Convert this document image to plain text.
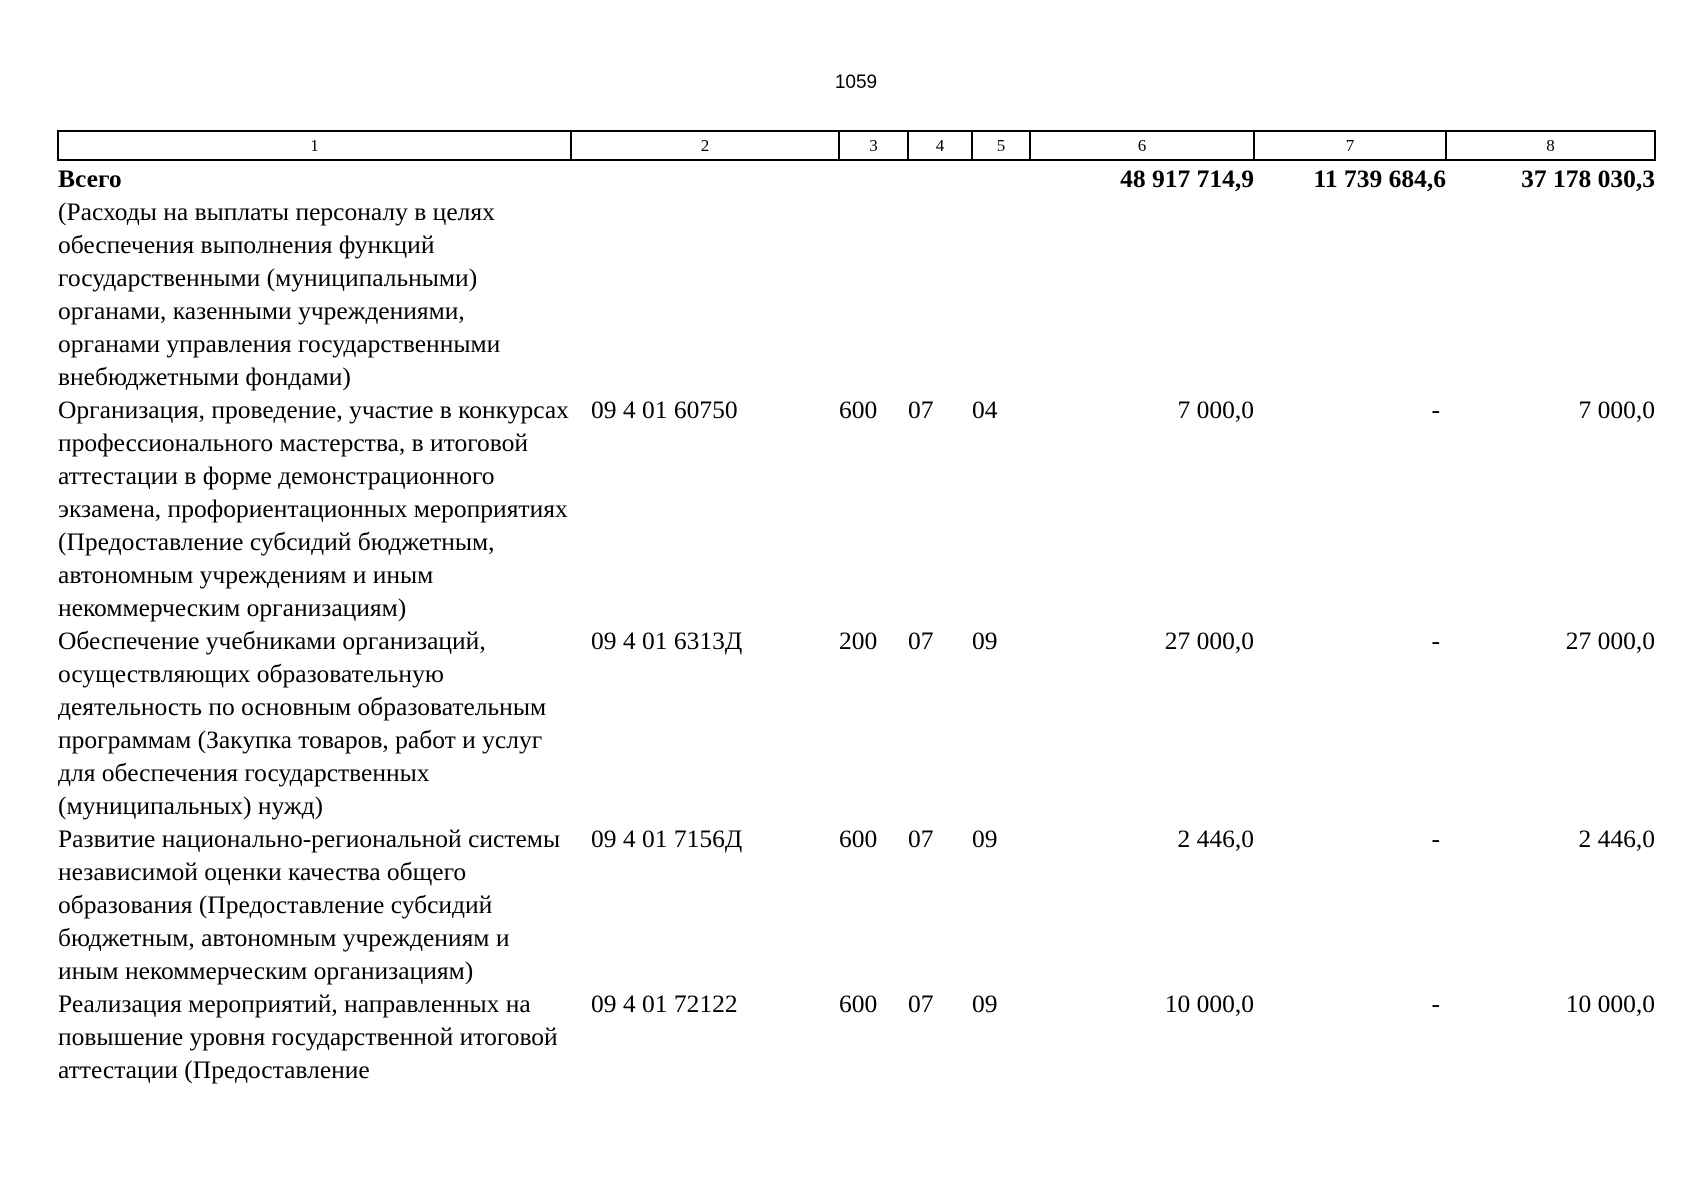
1059
1	2	3	4	5	6	7	8
Всего					48 917 714,9	11 739 684,6	37 178 030,3
(Расходы на выплаты персоналу в целях обеспечения выполнения функций государственными (муниципальными) органами, казенными учреждениями, органами управления государственными внебюджетными фондами)							
Организация, проведение, участие в конкурсах профессионального мастерства, в итоговой аттестации в форме демонстрационного экзамена, профориентационных мероприятиях (Предоставление субсидий бюджетным, автономным учреждениям и иным некоммерческим организациям)	09 4 01 60750	600	07	04	7 000,0	-	7 000,0
Обеспечение учебниками организаций, осуществляющих образовательную деятельность по основным образовательным программам (Закупка товаров, работ и услуг для обеспечения государственных (муниципальных) нужд)	09 4 01 6313Д	200	07	09	27 000,0	-	27 000,0
Развитие национально-региональной системы независимой оценки качества общего образования (Предоставление субсидий бюджетным, автономным учреждениям и иным некоммерческим организациям)	09 4 01 7156Д	600	07	09	2 446,0	-	2 446,0
Реализация мероприятий, направленных на повышение уровня государственной итоговой аттестации (Предоставление	09 4 01 72122	600	07	09	10 000,0	-	10 000,0
